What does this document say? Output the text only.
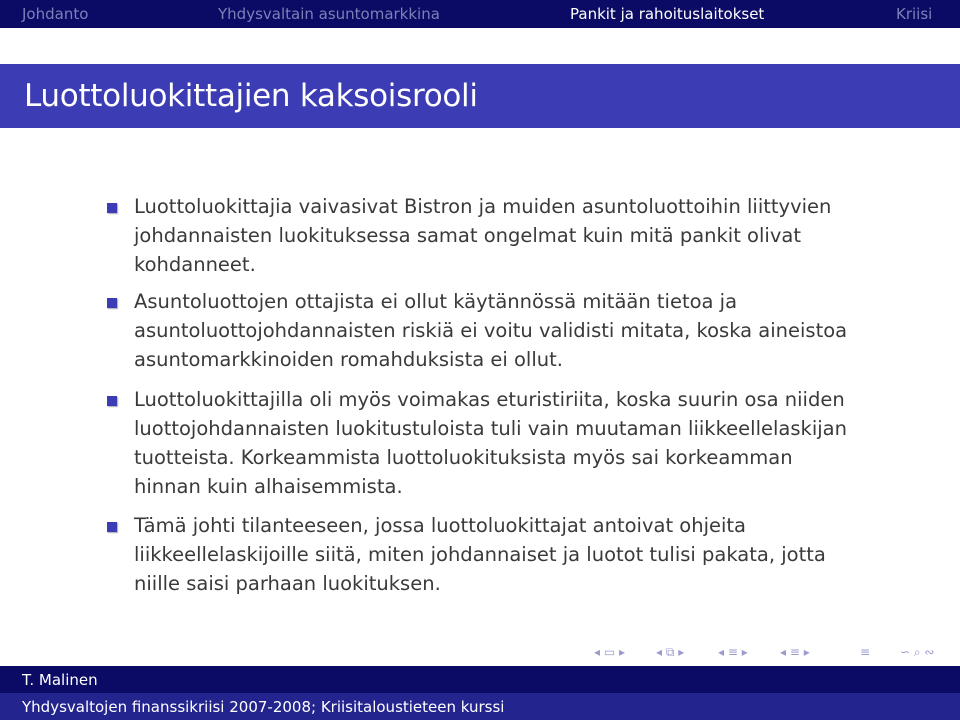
Johdanto	Yhdysvaltain asuntomarkkina	Pankit ja rahoituslaitokset	Kriisi
Luottoluokittajien kaksoisrooli
Luottoluokittajia vaivasivat Bistron ja muiden asuntoluottoihin liittyvien
johdannaisten luokituksessa samat ongelmat kuin mitä pankit olivat
kohdanneet.
Asuntoluottojen ottajista ei ollut käytännössä mitään tietoa ja
asuntoluottojohdannaisten riskiä ei voitu validisti mitata, koska aineistoa
asuntomarkkinoiden romahduksista ei ollut.
Luottoluokittajilla oli myös voimakas eturistiriita, koska suurin osa niiden
luottojohdannaisten luokitustuloista tuli vain muutaman liikkeellelaskijan
tuotteista. Korkeammista luottoluokituksista myös sai korkeamman
hinnan kuin alhaisemmista.
Tämä johti tilanteeseen, jossa luottoluokittajat antoivat ohjeita
liikkeellelaskijoille siitä, miten johdannaiset ja luotot tulisi pakata, jotta
niille saisi parhaan luokituksen.
◂ ▭ ▸	◂ ⧉ ▸	◂ ≡ ▸	◂ ≡ ▸	≡ ∽ ⌕ ∾
T. Malinen
Yhdysvaltojen finanssikriisi 2007-2008; Kriisitaloustieteen kurssi
